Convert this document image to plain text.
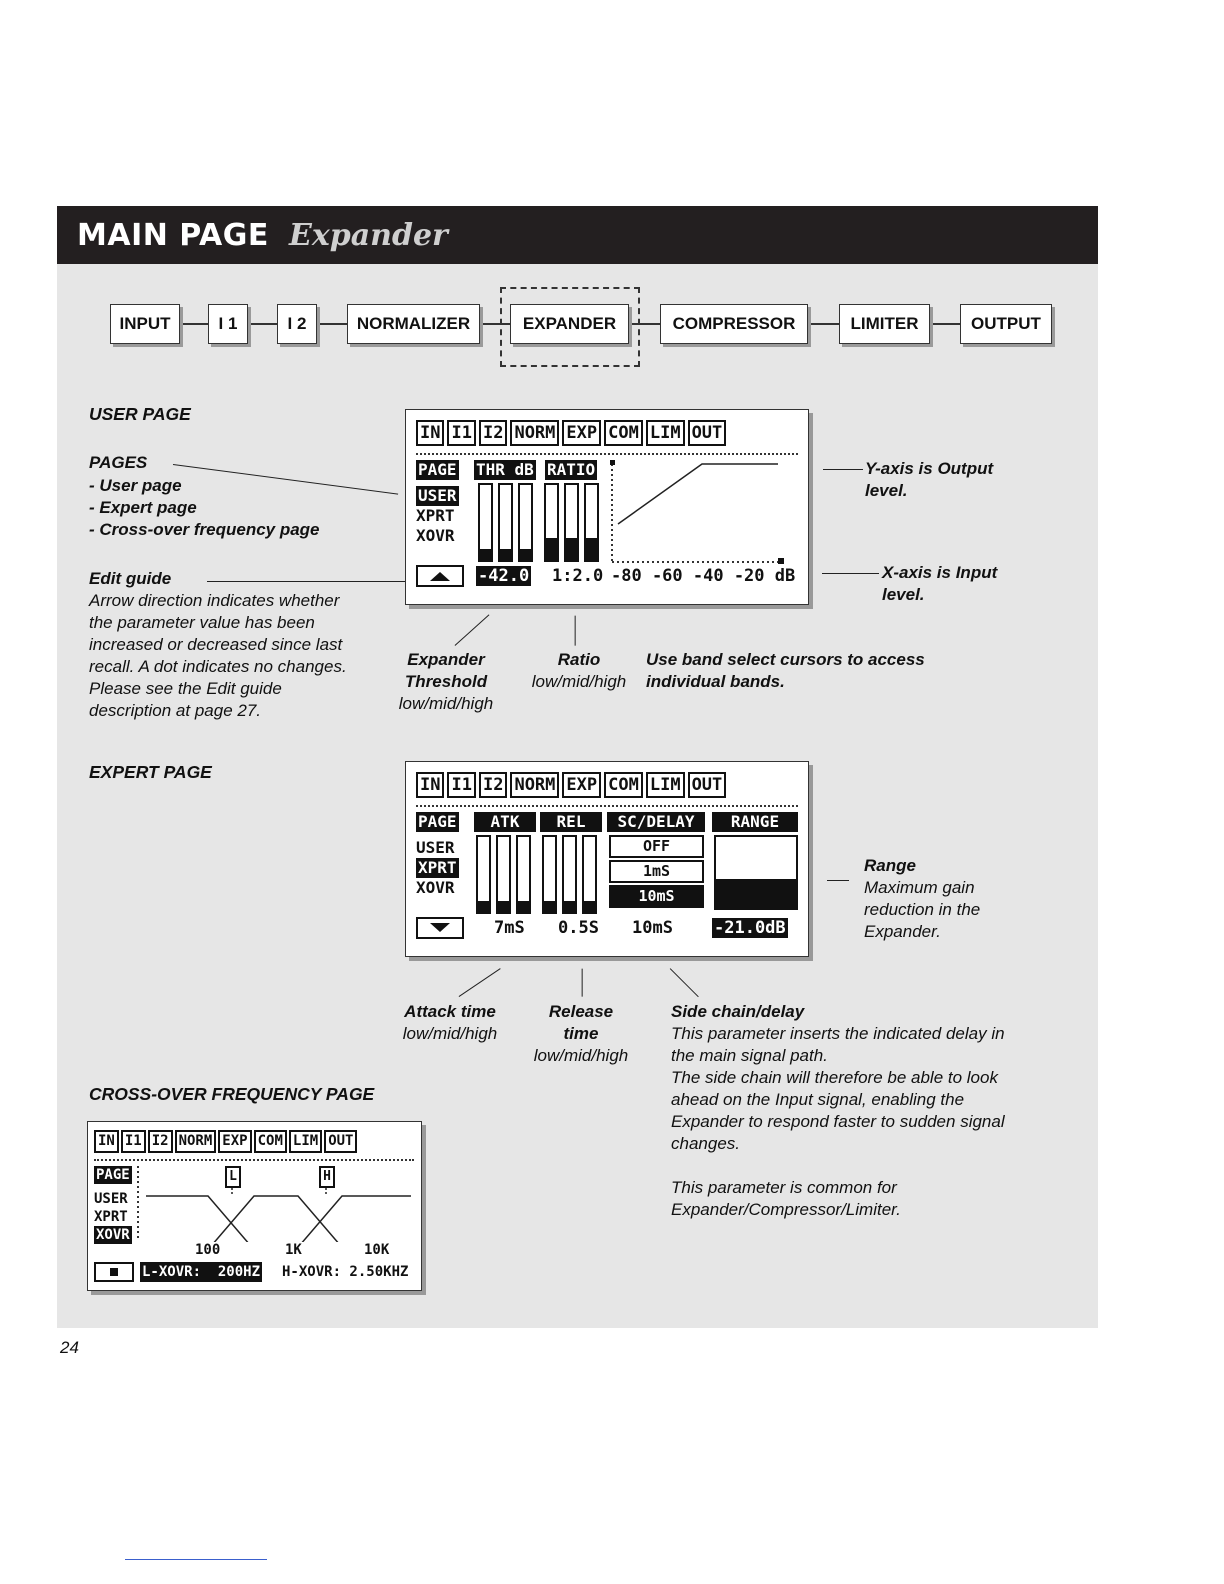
MAIN PAGE Expander
INPUT	I 1	I 2	NORMALIZER	EXPANDER	COMPRESSOR	LIMITER	OUTPUT
USER PAGE
PAGES
- User page
- Expert page
- Cross-over frequency page
Edit guide
Arrow direction indicates whether
the parameter value has been
increased or decreased since last
recall. A dot indicates no changes.
Please see the Edit guide
description at page 27.
IN I1 I2 NORM EXP COM LIM OUT
PAGE
USER
XPRT
XOVR
THR dB RATIO
-42.0 1:2.0 -80 -60 -40 -20 dB
Y-axis is Output
level.
X-axis is Input
level.
Expander
Threshold
low/mid/high
Ratio
low/mid/high
Use band select cursors to access
individual bands.
EXPERT PAGE
IN I1 I2 NORM EXP COM LIM OUT
PAGE
USER
XPRT
XOVR
ATK	REL	SC/DELAY	RANGE
OFF
1mS
10mS
7mS 0.5S 10mS -21.0dB
Range
Maximum gain
reduction in the
Expander.
Attack time
low/mid/high
Release
time
low/mid/high
Side chain/delay
This parameter inserts the indicated delay in
the main signal path.
The side chain will therefore be able to look
ahead on the Input signal, enabling the
Expander to respond faster to sudden signal
changes.
This parameter is common for
Expander/Compressor/Limiter.
CROSS-OVER FREQUENCY PAGE
IN I1 I2 NORM EXP COM LIM OUT
PAGE
USER
XPRT
XOVR
L	H
100	1K	10K
L-XOVR:  200HZ H-XOVR: 2.50KHZ
24
